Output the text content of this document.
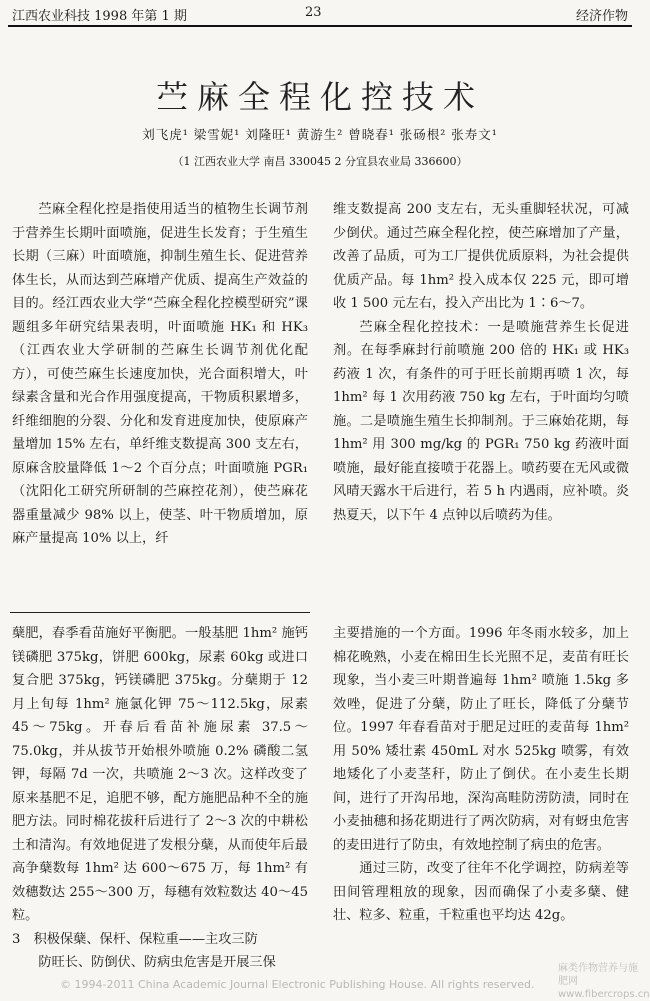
江西农业科技 1998 年第 1 期	23	经济作物
苎麻全程化控技术
刘飞虎¹ 梁雪妮¹ 刘隆旺¹ 黄游生² 曾晓春¹ 张砀根² 张寿文¹
（1 江西农业大学 南昌 330045 2 分宜县农业局 336600）

苎麻全程化控是指使用适当的植物生长调节剂于营养生长期叶面喷施，促进生长发育；于生殖生长期（三麻）叶面喷施，抑制生殖生长、促进营养体生长，从而达到苎麻增产优质、提高生产效益的目的。经江西农业大学“苎麻全程化控模型研究”课题组多年研究结果表明，叶面喷施 HK₁ 和 HK₃（江西农业大学研制的苎麻生长调节剂优化配方），可使苎麻生长速度加快，光合面积增大，叶绿素含量和光合作用强度提高，干物质积累增多，纤维细胞的分裂、分化和发育进度加快，使原麻产量增加 15% 左右，单纤维支数提高 300 支左右，原麻含胶量降低 1～2 个百分点；叶面喷施 PGR₁（沈阳化工研究所研制的苎麻控花剂），使苎麻花器重量减少 98% 以上，使茎、叶干物质增加，原麻产量提高 10% 以上，纤

维支数提高 200 支左右，无头重脚轻状况，可减少倒伏。通过苎麻全程化控，使苎麻增加了产量，改善了品质，可为工厂提供优质原料，为社会提供优质产品。每 1hm² 投入成本仅 225 元，即可增收 1 500 元左右，投入产出比为 1∶6～7。

苎麻全程化控技术：一是喷施营养生长促进剂。在每季麻封行前喷施 200 倍的 HK₁ 或 HK₃ 药液 1 次，有条件的可于旺长前期再喷 1 次，每 1hm² 每 1 次用药液 750 kg 左右，于叶面均匀喷施。二是喷施生殖生长抑制剂。于三麻始花期，每 1hm² 用 300 mg/kg 的 PGR₁ 750 kg 药液叶面喷施，最好能直接喷于花器上。喷药要在无风或微风晴天露水干后进行，若 5 h 内遇雨，应补喷。炎热夏天，以下午 4 点钟以后喷药为佳。

蘖肥，春季看苗施好平衡肥。一般基肥 1hm² 施钙镁磷肥 375kg，饼肥 600kg，尿素 60kg 或进口复合肥 375kg，钙镁磷肥 375kg。分蘖期于 12 月上旬每 1hm² 施氯化钾 75～112.5kg，尿素 45～75kg。开春后看苗补施尿素 37.5～75.0kg，并从拔节开始根外喷施 0.2% 磷酸二氢钾，每隔 7d 一次，共喷施 2～3 次。这样改变了原来基肥不足，追肥不够，配方施肥品种不全的施肥方法。同时棉花拔秆后进行了 2～3 次的中耕松土和清沟。有效地促进了发根分蘖，从而使年后最高争蘖数每 1hm² 达 600～675 万，每 1hm² 有效穗数达 255～300 万，每穗有效粒数达 40～45 粒。

3　积极保蘖、保杆、保粒重——主攻三防

防旺长、防倒伏、防病虫危害是开展三保

主要措施的一个方面。1996 年冬雨水较多，加上棉花晚熟，小麦在棉田生长光照不足，麦苗有旺长现象，当小麦三叶期普遍每 1hm² 喷施 1.5kg 多效唑，促进了分蘖，防止了旺长，降低了分蘖节位。1997 年春看苗对于肥足过旺的麦苗每 1hm² 用 50% 矮壮素 450mL 对水 525kg 喷雾，有效地矮化了小麦茎秆，防止了倒伏。在小麦生长期间，进行了开沟吊地，深沟高畦防涝防渍，同时在小麦抽穗和扬花期进行了两次防病，对有蚜虫危害的麦田进行了防虫，有效地控制了病虫的危害。

通过三防，改变了往年不化学调控，防病差等田间管理粗放的现象，因而确保了小麦多蘖、健壮、粒多、粒重，千粒重也平均达 42g。

© 1994-2011 China Academic Journal Electronic Publishing House. All rights reserved.
麻类作物营养与施肥网 www.fibercrops.cn
